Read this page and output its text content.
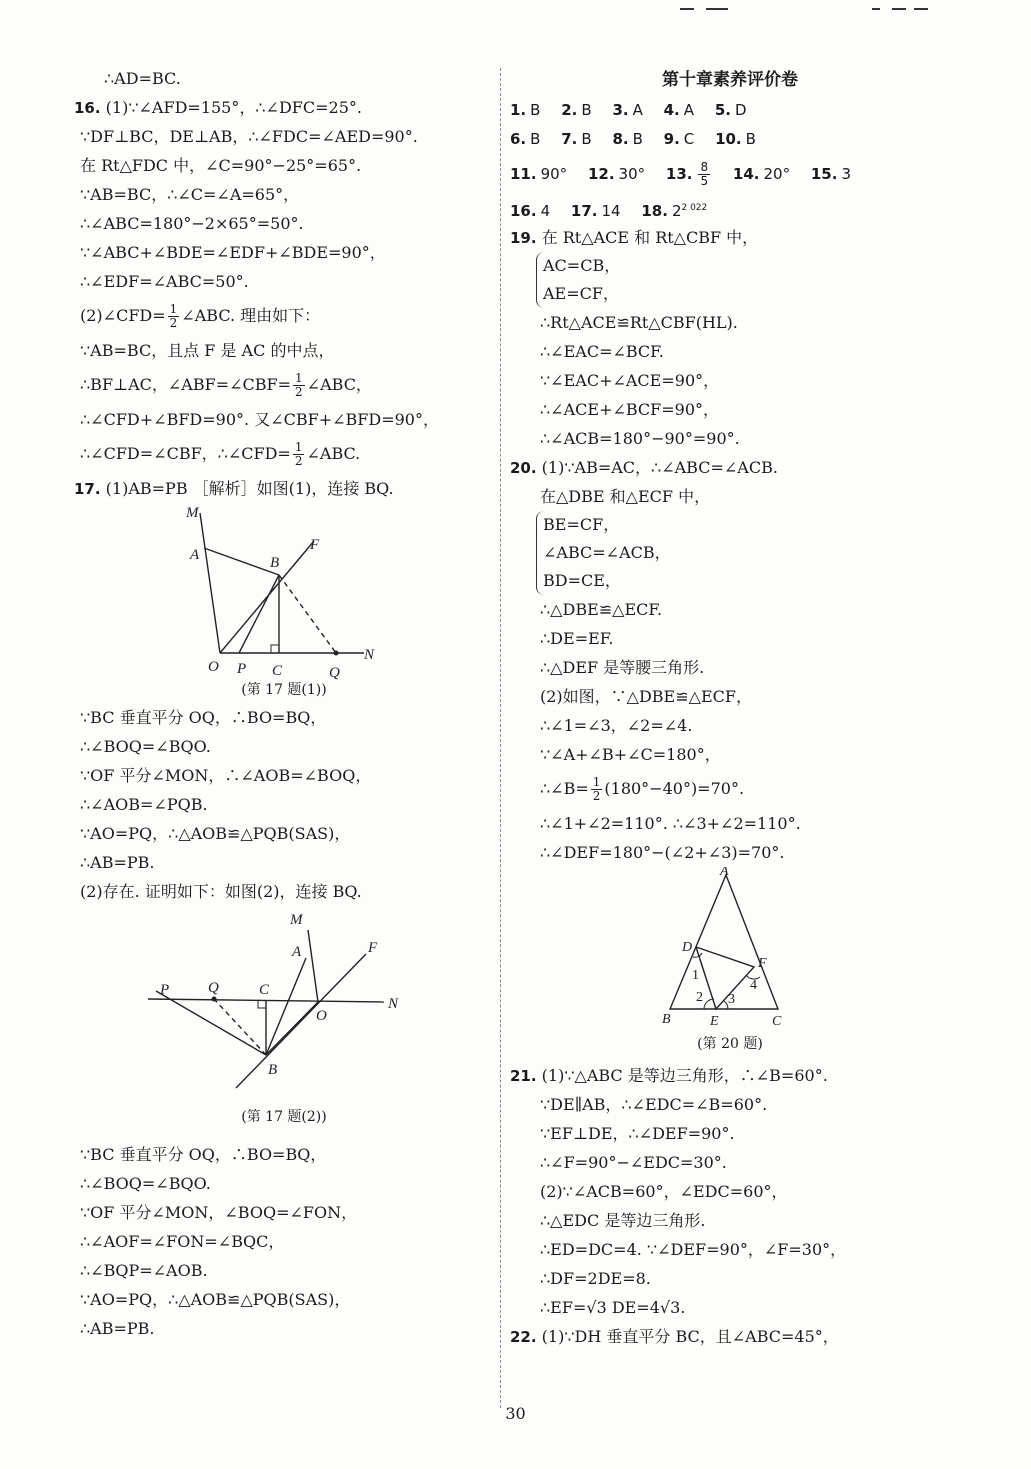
∴AD=BC.
16. (1)∵∠AFD=155°，∴∠DFC=25°.
∵DF⊥BC，DE⊥AB，∴∠FDC=∠AED=90°.
在 Rt△FDC 中，∠C=90°−25°=65°.
∵AB=BC，∴∠C=∠A=65°，
∴∠ABC=180°−2×65°=50°.
∵∠ABC+∠BDE=∠EDF+∠BDE=90°，
∴∠EDF=∠ABC=50°.
(2)∠CFD= $\frac{1}{2}$ ∠ABC. 理由如下：
∵AB=BC，且点 F 是 AC 的中点，
∴BF⊥AC，∠ABF=∠CBF= $\frac{1}{2}$ ∠ABC，
∴∠CFD+∠BFD=90°. 又∠CBF+∠BFD=90°，
∴∠CFD=∠CBF，∴∠CFD= $\frac{1}{2}$ ∠ABC.
17. (1)AB=PB ［解析］如图(1)，连接 BQ.
M
A	B
F
O P C	Q
N
(第 17 题(1))
∵BC 垂直平分 OQ，∴BO=BQ，
∴∠BOQ=∠BQO.
∵OF 平分∠MON，∴∠AOB=∠BOQ，
∴∠AOB=∠PQB.
∵AO=PQ，∴△AOB≌△PQB(SAS)，
∴AB=PB.
(2)存在. 证明如下：如图(2)，连接 BQ.
M
A	F
P	Q	C
N
O
B
(第 17 题(2))
∵BC 垂直平分 OQ，∴BO=BQ，
∴∠BOQ=∠BQO.
∵OF 平分∠MON，∠BOQ=∠FON，
∴∠AOF=∠FON=∠BQC，
∴∠BQP=∠AOB.
∵AO=PQ，∴△AOB≌△PQB(SAS)，
∴AB=PB.
第十章素养评价卷
1. B 2. B 3. A 4. A 5. D
6. B 7. B 8. B 9. C 10. B
11. 90° 12. 30° 13. $\frac{8}{5} 14$. 20° 15. 3
16. 4 17. 14 18. $2^{2 022}$
19. 在 Rt△ACE 和 Rt△CBF 中，
AC=CB，
AE=CF，
∴Rt△ACE≌Rt△CBF(HL).
∴∠EAC=∠BCF.
∵∠EAC+∠ACE=90°，
∴∠ACE+∠BCF=90°，
∴∠ACB=180°−90°=90°.
20. (1)∵AB=AC，∴∠ABC=∠ACB.
在△DBE 和△ECF 中，
BE=CF，
∠ABC=∠ACB，
BD=CE，
∴△DBE≌△ECF.
∴DE=EF.
∴△DEF 是等腰三角形.
(2)如图，∵△DBE≌△ECF，
∴∠1=∠3，∠2=∠4.
∵∠A+∠B+∠C=180°，
∴∠B= $\frac{1}{2} (180^\circ-40^\circ)=70^\circ$.
∴∠1+∠2=110°. ∴∠3+∠2=110°.
∴∠DEF=180°−(∠2+∠3)=70°.
A
D
F
1
4
2 3
B	E	C
(第 20 题)
21. (1)∵△ABC 是等边三角形，∴∠B=60°.
∵DE∥AB，∴∠EDC=∠B=60°.
∵EF⊥DE，∴∠DEF=90°.
∴∠F=90°−∠EDC=30°.
(2)∵∠ACB=60°，∠EDC=60°，
∴△EDC 是等边三角形.
∴ED=DC=4. ∵∠DEF=90°，∠F=30°，
∴DF=2DE=8.
∴EF=√3 DE=4√3.
22. (1)∵DH 垂直平分 BC，且∠ABC=45°，
30
